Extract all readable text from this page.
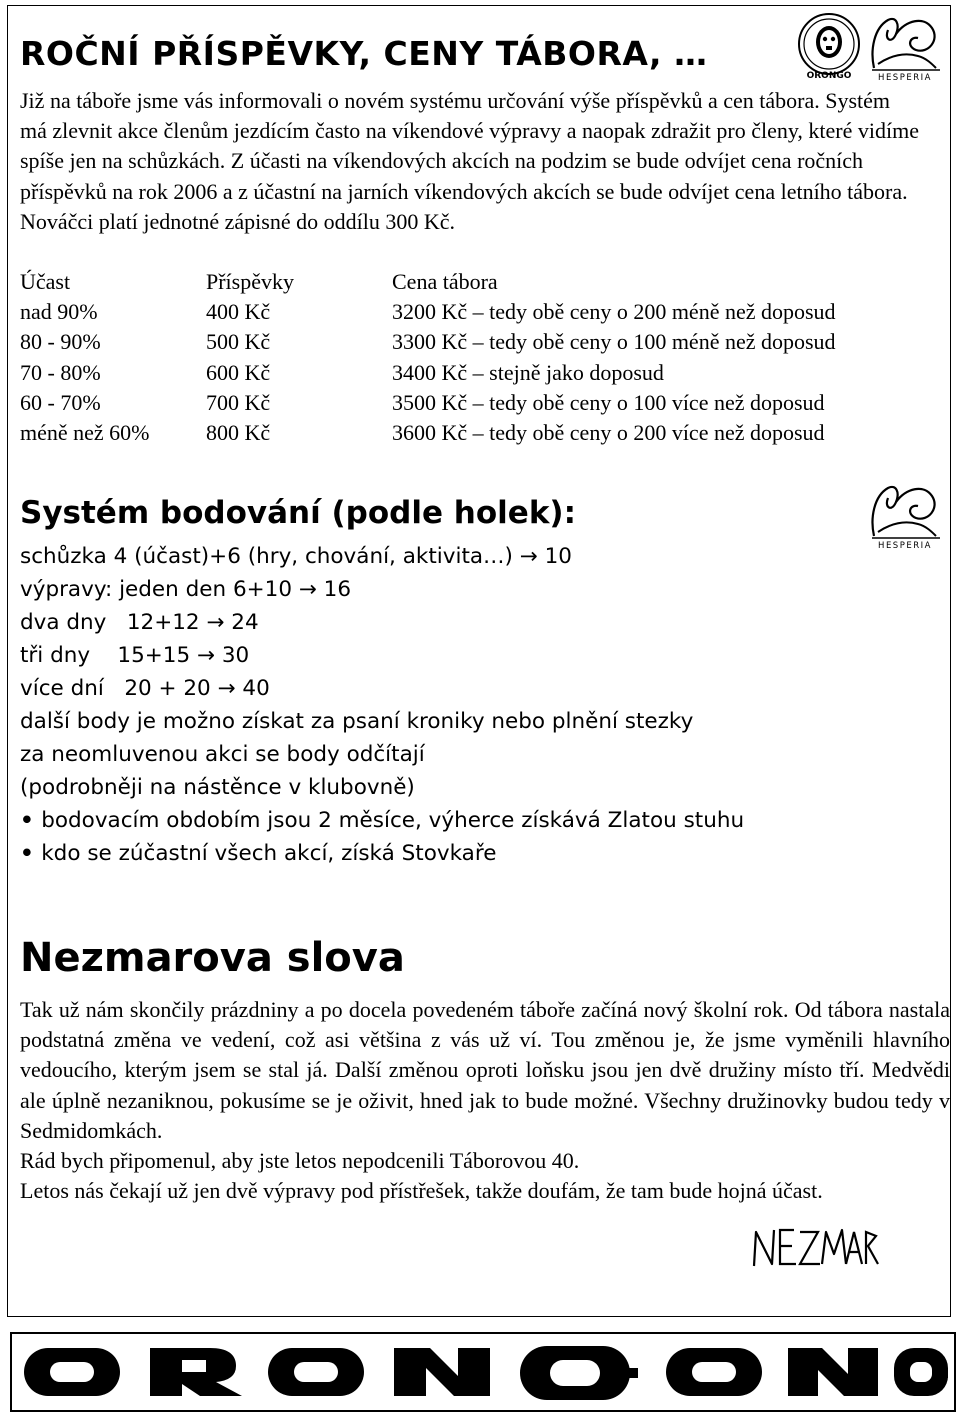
ROČNÍ PŘÍSPĚVKY, CENY TÁBORA, …
Již na táboře jsme vás informovali o novém systému určování výše příspěvků a cen tábora. Systém má zlevnit akce členům jezdícím často na víkendové výpravy a naopak zdražit pro členy, které vidíme spíše jen na schůzkách. Z účasti na víkendových akcích na podzim se bude odvíjet cena ročních příspěvků na rok 2006 a z účastní na jarních víkendových akcích se bude odvíjet cena letního tábora.
Nováčci platí jednotné zápisné do oddílu 300 Kč.
Účast	Příspěvky	Cena tábora
nad 90%	400 Kč	3200 Kč – tedy obě ceny o 200 méně než doposud
80 - 90%	500 Kč	3300 Kč – tedy obě ceny o 100 méně než doposud
70 - 80%	600 Kč	3400 Kč – stejně jako doposud
60 - 70%	700 Kč	3500 Kč – tedy obě ceny o 100 více než doposud
méně než 60%	800 Kč	3600 Kč – tedy obě ceny o 200 více než doposud
ORONGO	HESPERIA
Systém bodování (podle holek):
HESPERIA
schůzka 4 (účast)+6 (hry, chování, aktivita…) → 10
výpravy: jeden den 6+10 → 16
dva dny   12+12 → 24
tři dny    15+15 → 30
více dní   20 + 20 → 40
další body je možno získat za psaní kroniky nebo plnění stezky
za neomluvenou akci se body odčítají
(podrobněji na nástěnce v klubovně)
• bodovacím obdobím jsou 2 měsíce, výherce získává Zlatou stuhu
• kdo se zúčastní všech akcí, získá Stovkaře
Nezmarova slova

Tak už nám skončily prázdniny a po docela povedeném táboře začíná nový školní rok. Od tábora nastala podstatná změna ve vedení, což asi většina z vás už ví. Tou změnou je, že jsme vyměnili hlavního vedoucího, kterým jsem se stal já. Další změnou oproti loňsku jsou jen dvě družiny místo tří. Medvědi ale úplně nezaniknou, pokusíme se je oživit, hned jak to bude možné. Všechny družinovky budou tedy v Sedmidomkách.

Rád bych připomenul, aby jste letos nepodcenili Táborovou 40.

Letos nás čekají už jen dvě výpravy pod přístřešek, takže doufám, že tam bude hojná účast.
